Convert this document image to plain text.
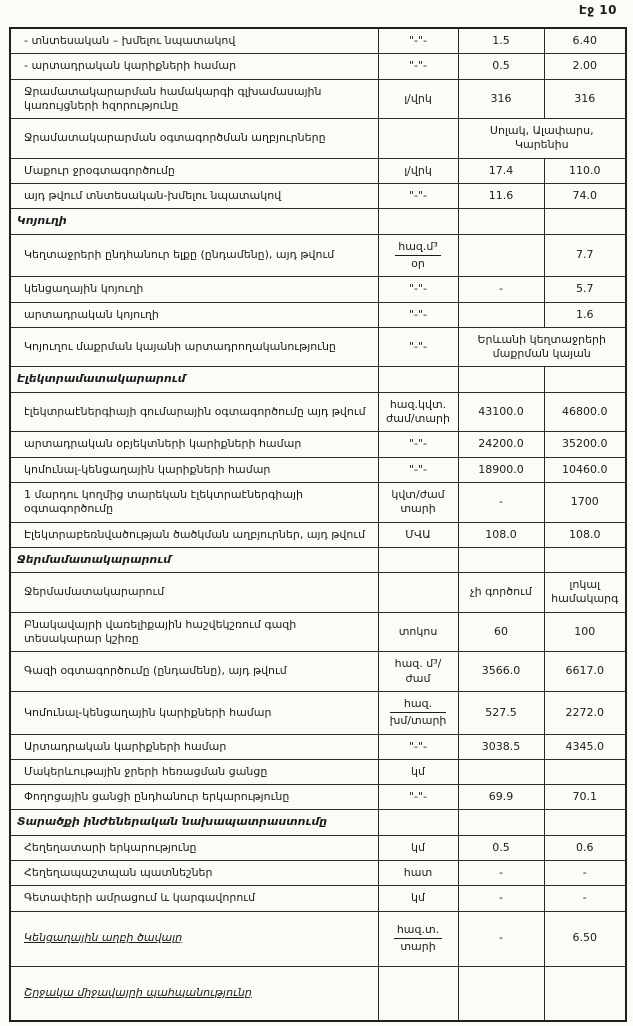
Էջ 10
- տնտեսական – խմելու նպատակով	"-"-	1.5	6.40
- արտադրական կարիքների համար	"-"-	0.5	2.00
Ջրամատակարարման համակարգի գլխամասային կառույցների հզորությունը	լ/վրկ	316	316
Ջրամատակարարման օգտագործման աղբյուրները		Սոլակ, Ալափարս, Կարենիս	
Մաքուր ջրօգտագործումը	լ/վրկ	17.4	110.0
այդ թվում տնտեսական-խմելու նպատակով	"-"-	11.6	74.0
Կոյուղի			
Կեղտաջրերի ընդհանուր ելքը (ընդամենը), այդ թվում	$\frac{\text{հազ.մ³}}{\text{օր}}$		7.7
կենցաղային կոյուղի	"-"-	-	5.7
արտադրական կոյուղի	"-"-		1.6
Կոյուղու մաքրման կայանի արտադրողականությունը	"-"-	Երևանի կեղտաջրերի մաքրման կայան	
Էլեկտրամատակարարում			
էլեկտրաէներգիայի գումարային օգտագործումը այդ թվում	հազ.կվտ.
ժամ/տարի	43100.0	46800.0
արտադրական օբյեկտների կարիքների համար	"-"-	24200.0	35200.0
կոմունալ-կենցաղային կարիքների համար	"-"-	18900.0	10460.0
1 մարդու կողմից տարեկան էլեկտրաէներգիայի օգտագործումը	կվտ/ժամ
տարի	-	1700
Էլեկտրաբեռնվածության ծածկման աղբյուրներ, այդ թվում	ՄՎԱ	108.0	108.0
Ջերմամատակարարում			
Ջերմամատակարարում		չի գործում	լոկալ համակարգ
Բնակավայրի վառելիքային հաշվեկշռում գազի տեսակարար կշիռը	տոկոս	60	100
Գազի օգտագործումը (ընդամենը), այդ թվում	հազ. մ³/ժամ	3566.0	6617.0
Կոմունալ-կենցաղային կարիքների համար	$\frac{\text{հազ.}}{\text{խմ/տարի}}$	527.5	2272.0
Արտադրական կարիքների համար	"-"-	3038.5	4345.0
Մակերևութային ջրերի հեռացման ցանցը	կմ		
Փողոցային ցանցի ընդհանուր երկարությունը	"-"-	69.9	70.1
Տարածքի ինժեներական նախապատրաստումը			
Հեղեղատարի երկարությունը	կմ	0.5	0.6
Հեղեղապաշտպան պատնեշներ	հատ	-	-
Գետափերի ամրացում և կարգավորում	կմ	-	-
Կենցաղային աղբի ծավալը	$\frac{\text{հազ.տ.}}{\text{տարի}}$	-	6.50
Շրջակա միջավայրի պահպանությունը			
